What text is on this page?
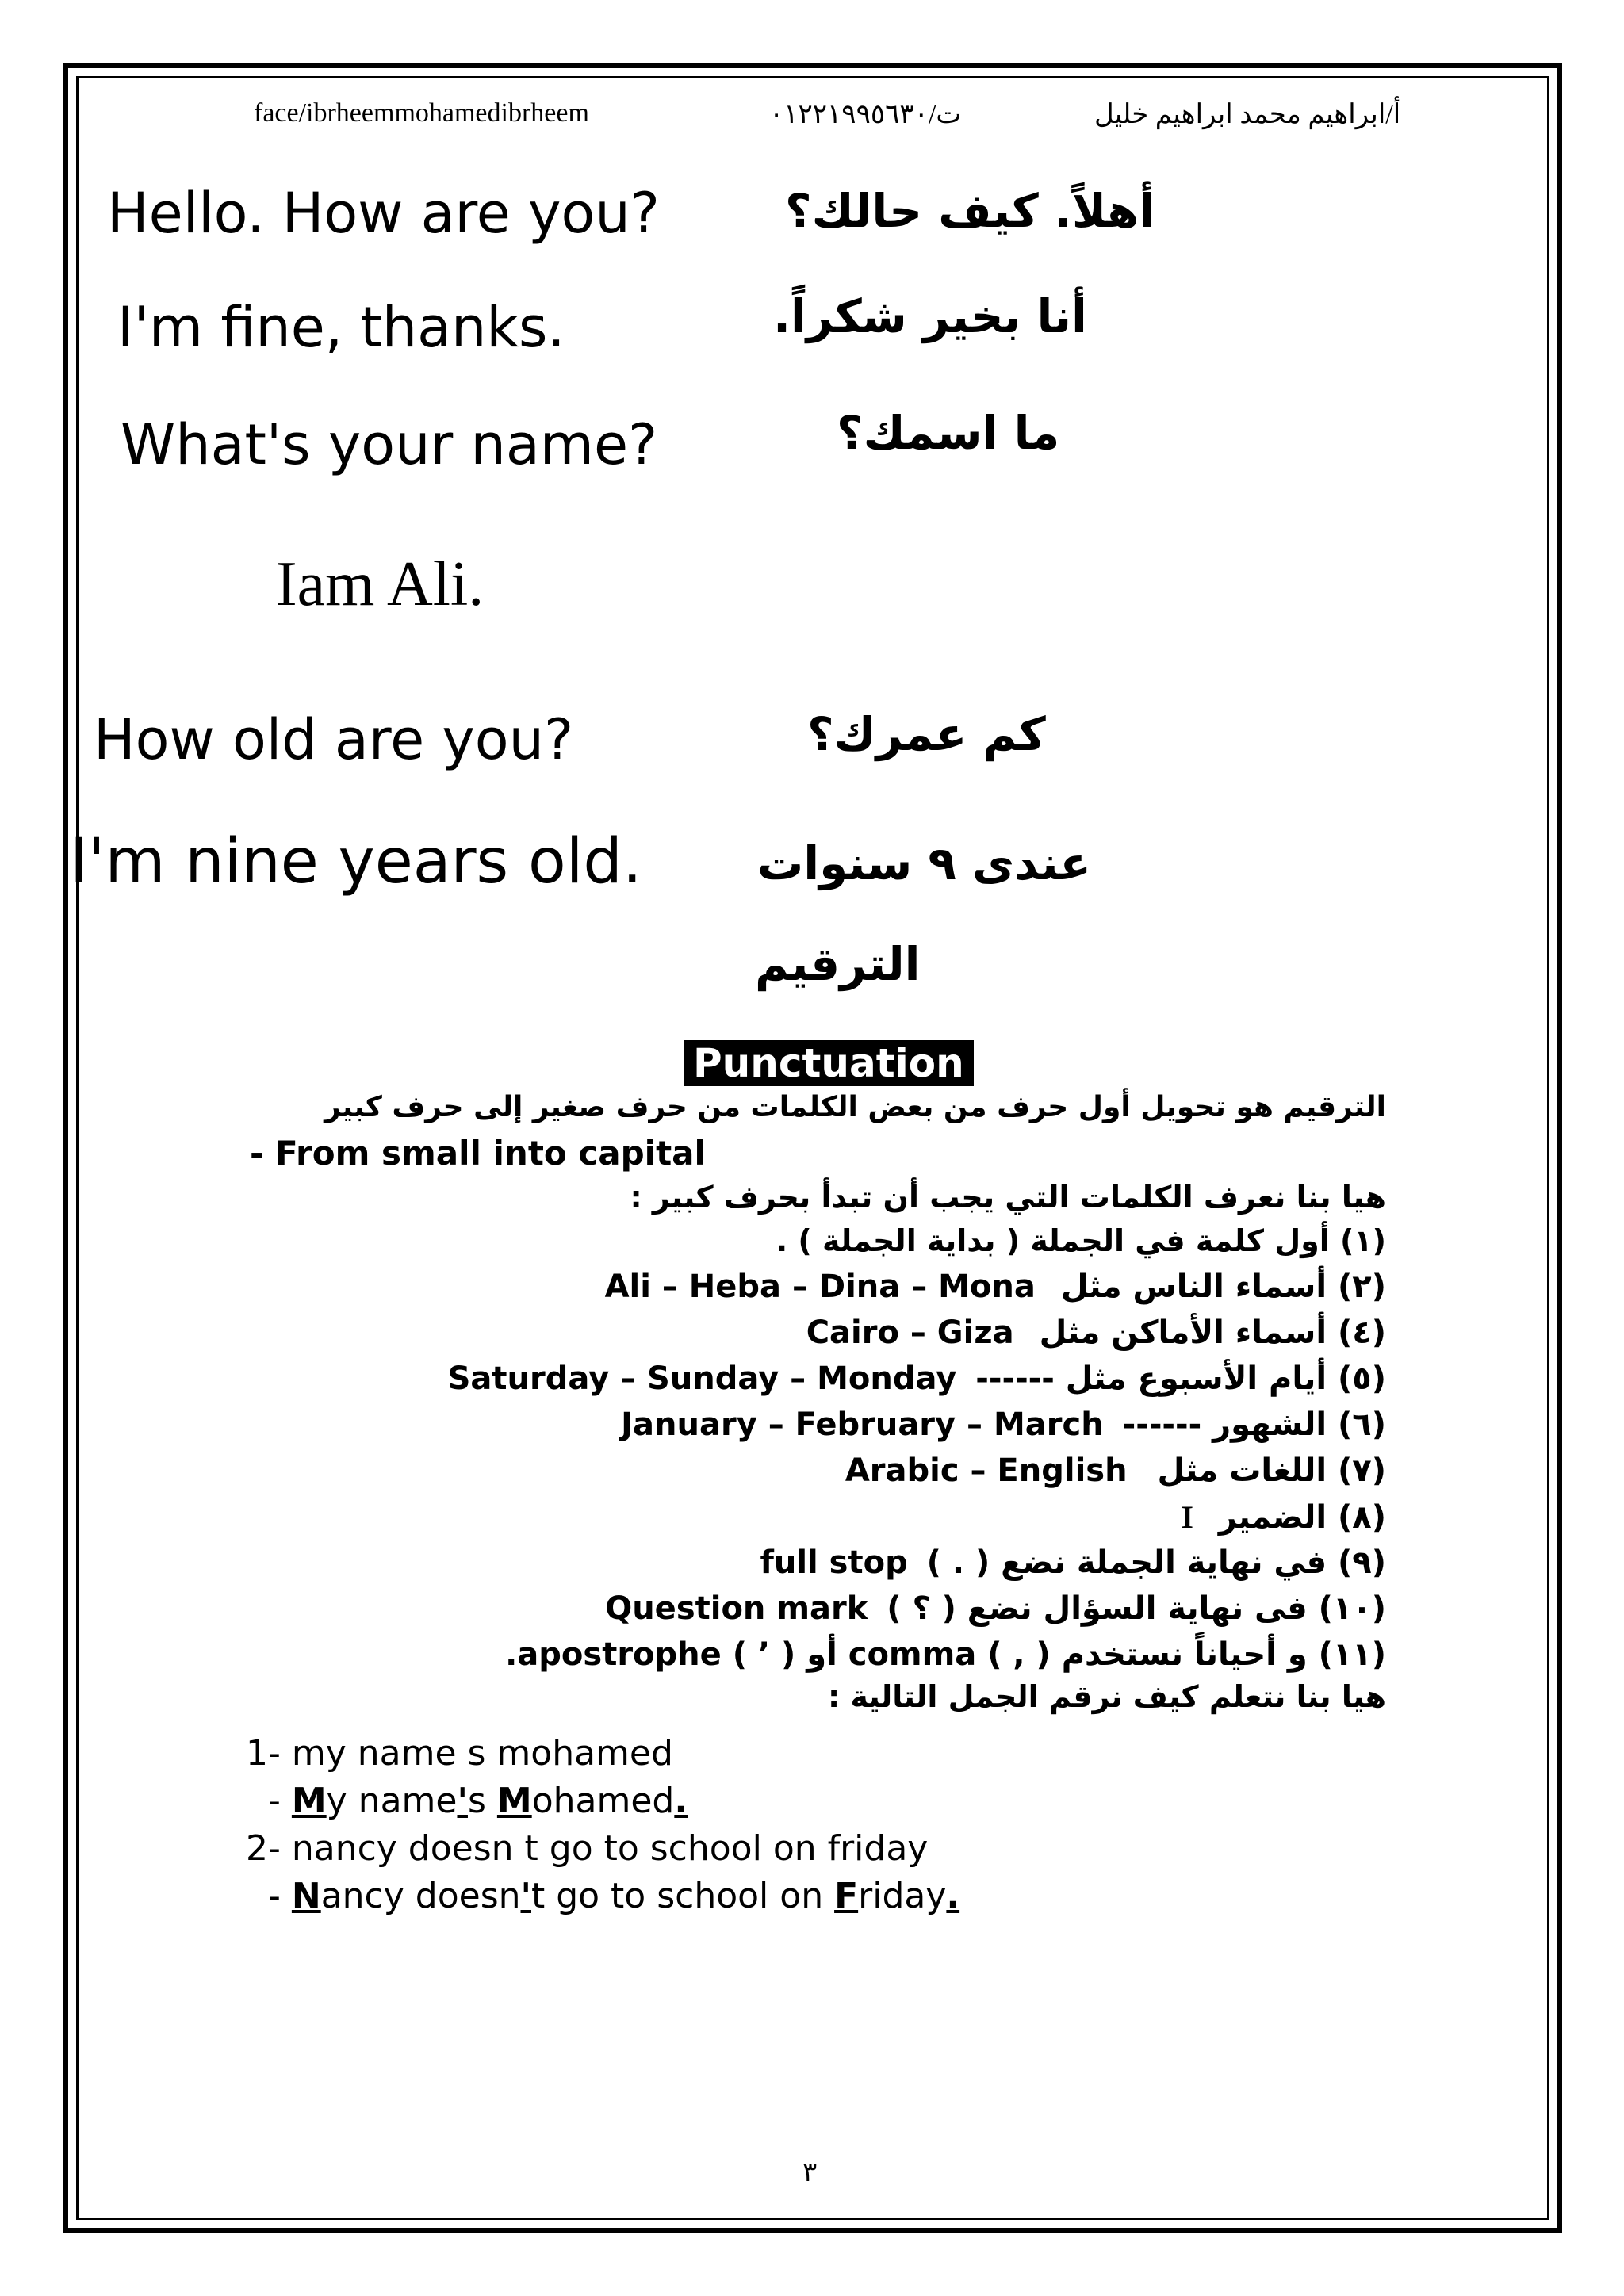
face/ibrheemmohamedibrheem	ت/٠١٢٢١٩٩٥٦٣٠	أ/ابراهيم محمد ابراهيم خليل
Hello. How are you?	أهلاً. كيف حالك؟
I'm fine, thanks.	أنا بخير شكراً.
What's your name?	ما اسمك؟
Iam Ali.
How old are you?	كم عمرك؟
I'm nine years old.	عندى ٩ سنوات
الترقيم
Punctuation
الترقيم هو تحويل أول حرف من بعض الكلمات من حرف صغير إلى حرف كبير
- From small into capital
هيا بنا نعرف الكلمات التي يجب أن تبدأ بحرف كبير :
(١) أول كلمة في الجملة ( بداية الجملة ) .
Ali – Heba – Dina – Mona (٢) أسماء الناس مثل
Cairo – Giza (٤) أسماء الأماكن مثل
Saturday – Sunday – Monday (٥) أيام الأسبوع مثل ------
January – February – March (٦) الشهور ------
Arabic – English (٧) اللغات مثل
I (٨) الضمير
full stop (٩) في نهاية الجملة نضع ( . )
Question mark (١٠) فى نهاية السؤال نضع ( ؟ )
(١١) و أحياناً نستخدم ( , ) comma أو ( ’ ) apostrophe.
هيا بنا نتعلم كيف نرقم الجمل التالية :
1- my name s mohamed
- My name's Mohamed.
2- nancy doesn t go to school on friday
- Nancy doesn't go to school on Friday.
٣
